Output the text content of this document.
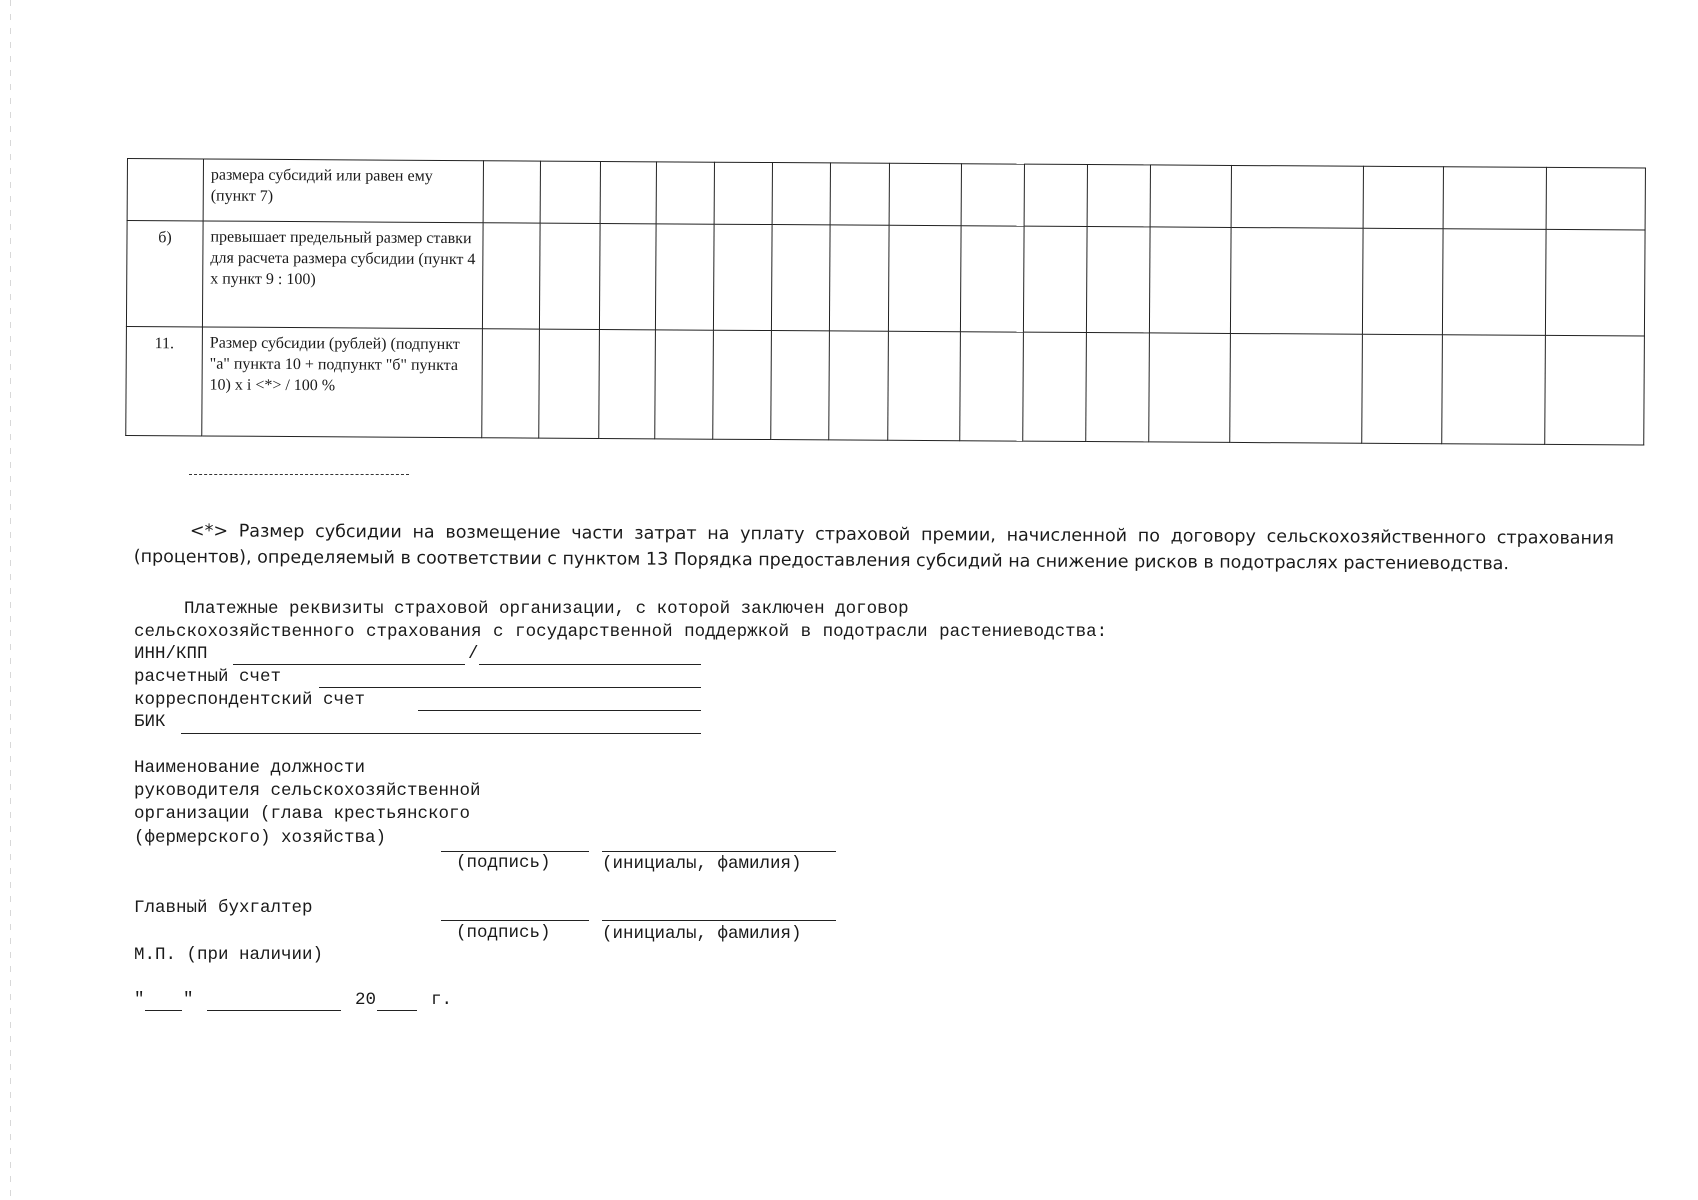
	размера субсидий или равен ему (пункт 7)																
б)	превышает предельный размер ставки для расчета размера субсидии (пункт 4 х пункт 9 : 100)																
11.	Размер субсидии (рублей) (подпункт "а" пункта 10 + подпункт "б" пункта 10) x i <*> / 100 %																
<*> Размер субсидии на возмещение части затрат на уплату страховой премии, начисленной по договору сельскохозяйственного страхования (процентов), определяемый в соответствии с пунктом 13 Порядка предоставления субсидий на снижение рисков в подотраслях растениеводства.
Платежные реквизиты страховой организации, с которой заключен договор
сельскохозяйственного страхования с государственной поддержкой в подотрасли растениеводства:
ИНН/КПП	/
расчетный счет
корреспондентский счет
БИК
Наименование должности
руководителя сельскохозяйственной
организации (глава крестьянского
(фермерского) хозяйства)
(подпись)	(инициалы, фамилия)
Главный бухгалтер
(подпись)	(инициалы, фамилия)
М.П. (при наличии)
" "	20	г.
